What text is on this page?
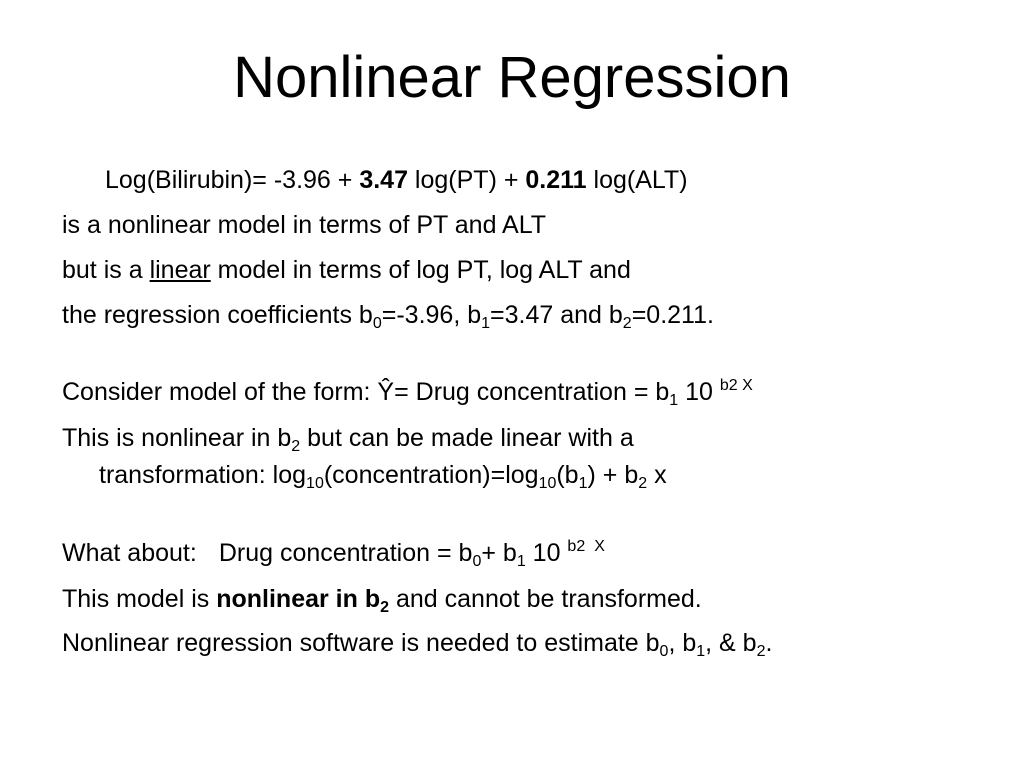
Nonlinear Regression
Log(Bilirubin)= -3.96 + 3.47 log(PT) + 0.211 log(ALT)
is a nonlinear model in terms of PT and ALT
but is a linear model in terms of log PT, log ALT and
the regression coefficients $b_0=-3.96$, $b_1=3.47$ and $b_2=0.211$.
Consider model of the form: Ŷ= Drug concentration = $b_1$ 10 $^{b2 X}$
This is nonlinear in $b_2$ but can be made linear with a
transformation: $\log_{10}(concentration)=\log_{10}(b_1) + b_2$ x
What about: Drug concentration = $b_0+ b_1$ 10 $^{b2}$ $^X$
This model is nonlinear in $b_2$ and cannot be transformed.
Nonlinear regression software is needed to estimate $b_0$, $b_1$, & $b_2$.
